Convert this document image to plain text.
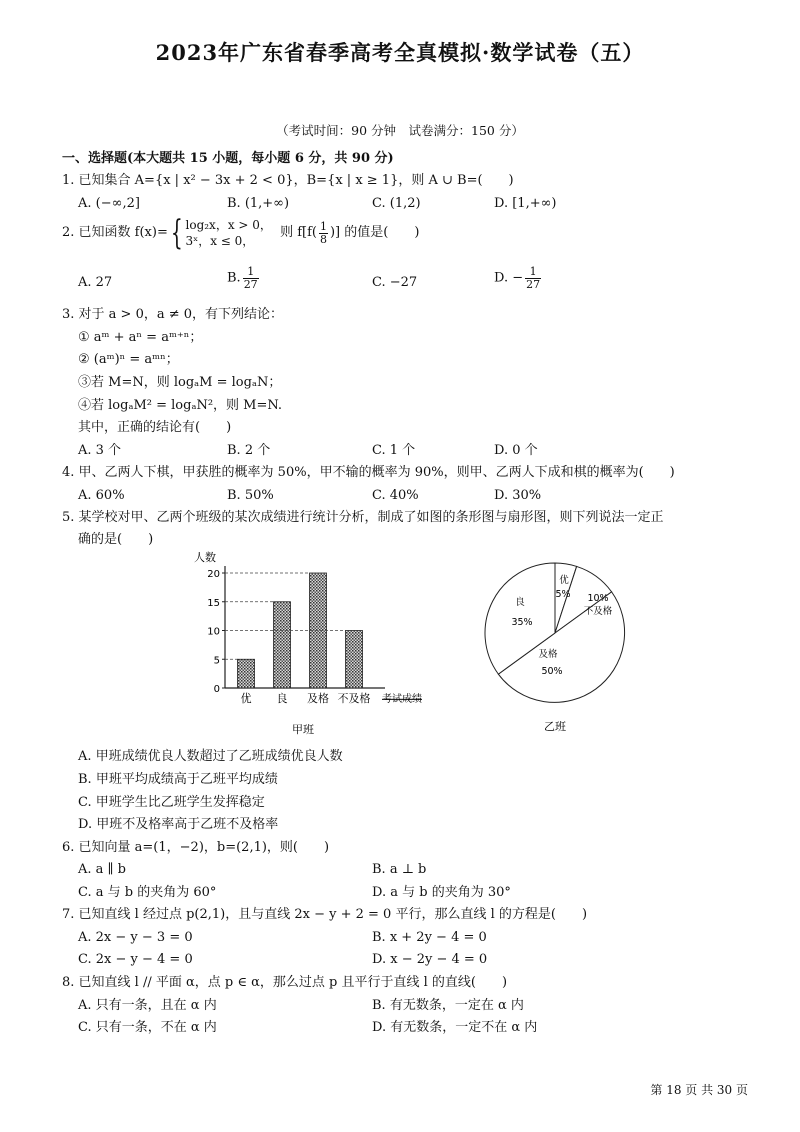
2023年广东省春季高考全真模拟·数学试卷（五）
（考试时间：90 分钟　试卷满分：150 分）
一、选择题(本大题共 15 小题，每小题 6 分，共 90 分)
1. 已知集合 A={x | x² − 3x + 2 < 0}，B={x | x ≥ 1}，则 A ∪ B=(　　)
A. (−∞,2]	B. (1,+∞)	C. (1,2)	D. [1,+∞)
2. 已知函数 f(x)={ log₂x，x > 0，
3ˣ，x ≤ 0，
则 $f[f( \frac{1}{8}$ )] 的值是(　　)
A. 27	B. $\frac{1}{27}$	C. −27	D. − $\frac{1}{27}$
3. 对于 a > 0，a ≠ 0，有下列结论：
① aᵐ + aⁿ = aᵐ⁺ⁿ；
② (aᵐ)ⁿ = aᵐⁿ；
③若 M=N，则 logₐM = logₐN；
④若 logₐM² = logₐN²，则 M=N.
其中，正确的结论有(　　)
A. 3 个	B. 2 个	C. 1 个	D. 0 个
4. 甲、乙两人下棋，甲获胜的概率为 50%，甲不输的概率为 90%，则甲、乙两人下成和棋的概率为(　　)
A. 60%	B. 50%	C. 40%	D. 30%
5. 某学校对甲、乙两个班级的某次成绩进行统计分析，制成了如图的条形图与扇形图，则下列说法一定正
确的是(　　)
人数
0
5
10
15
20
优 良 及格 不及格 考试成绩
甲班
优
5% 10%
不及格
及格
50%
良
35%
乙班
A. 甲班成绩优良人数超过了乙班成绩优良人数
B. 甲班平均成绩高于乙班平均成绩
C. 甲班学生比乙班学生发挥稳定
D. 甲班不及格率高于乙班不及格率
6. 已知向量 a=(1，−2)，b=(2,1)，则(　　)
A. a ∥ b	B. a ⊥ b
C. a 与 b 的夹角为 60°	D. a 与 b 的夹角为 30°
7. 已知直线 l 经过点 p(2,1)，且与直线 2x − y + 2 = 0 平行，那么直线 l 的方程是(　　)
A. 2x − y − 3 = 0	B. x + 2y − 4 = 0
C. 2x − y − 4 = 0	D. x − 2y − 4 = 0
8. 已知直线 l // 平面 α，点 p ∈ α，那么过点 p 且平行于直线 l 的直线(　　)
A. 只有一条，且在 α 内	B. 有无数条，一定在 α 内
C. 只有一条，不在 α 内	D. 有无数条，一定不在 α 内
第 18 页 共 30 页
